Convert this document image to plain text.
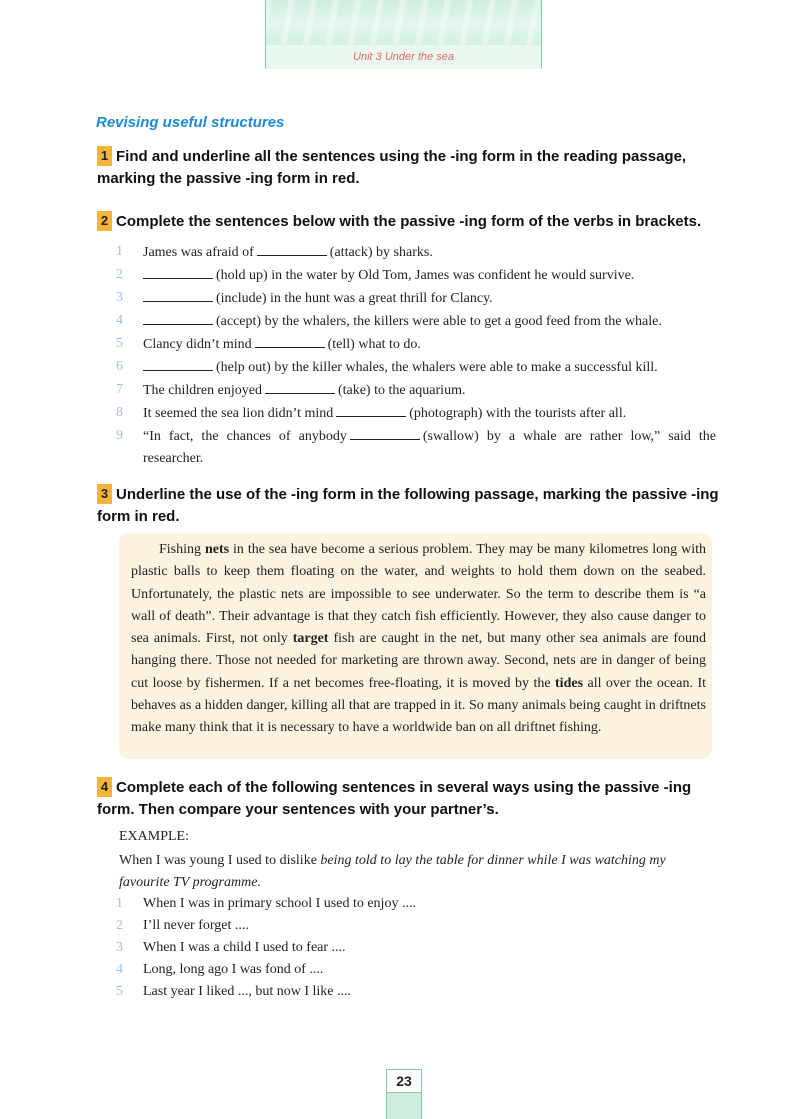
Unit 3 Under the sea
Revising useful structures
1 Find and underline all the sentences using the -ing form in the reading passage, marking the passive -ing form in red.
2 Complete the sentences below with the passive -ing form of the verbs in brackets.
1 James was afraid of	(attack) by sharks.
2	(hold up) in the water by Old Tom, James was confident he would survive.
3	(include) in the hunt was a great thrill for Clancy.
4	(accept) by the whalers, the killers were able to get a good feed from the whale.
5 Clancy didn’t mind	(tell) what to do.
6	(help out) by the killer whales, the whalers were able to make a successful kill.
7 The children enjoyed	(take) to the aquarium.
8 It seemed the sea lion didn’t mind	(photograph) with the tourists after all.
9 “In fact, the chances of anybody	(swallow) by a whale are rather low,” said the researcher.
3 Underline the use of the -ing form in the following passage, marking the passive -ing form in red.

Fishing nets in the sea have become a serious problem. They may be many kilometres long with plastic balls to keep them floating on the water, and weights to hold them down on the seabed. Unfortunately, the plastic nets are impossible to see underwater. So the term to describe them is “a wall of death”. Their advantage is that they catch fish efficiently. However, they also cause danger to sea animals. First, not only target fish are caught in the net, but many other sea animals are found hanging there. Those not needed for marketing are thrown away. Second, nets are in danger of being cut loose by fishermen. If a net becomes free-floating, it is moved by the tides all over the ocean. It behaves as a hidden danger, killing all that are trapped in it. So many animals being caught in driftnets make many think that it is necessary to have a worldwide ban on all driftnet fishing.

4 Complete each of the following sentences in several ways using the passive -ing form. Then compare your sentences with your partner’s.
EXAMPLE:
When I was young I used to dislike being told to lay the table for dinner while I was watching my favourite TV programme.
1 When I was in primary school I used to enjoy ....
2 I’ll never forget ....
3 When I was a child I used to fear ....
4 Long, long ago I was fond of ....
5 Last year I liked ..., but now I like ....
23
